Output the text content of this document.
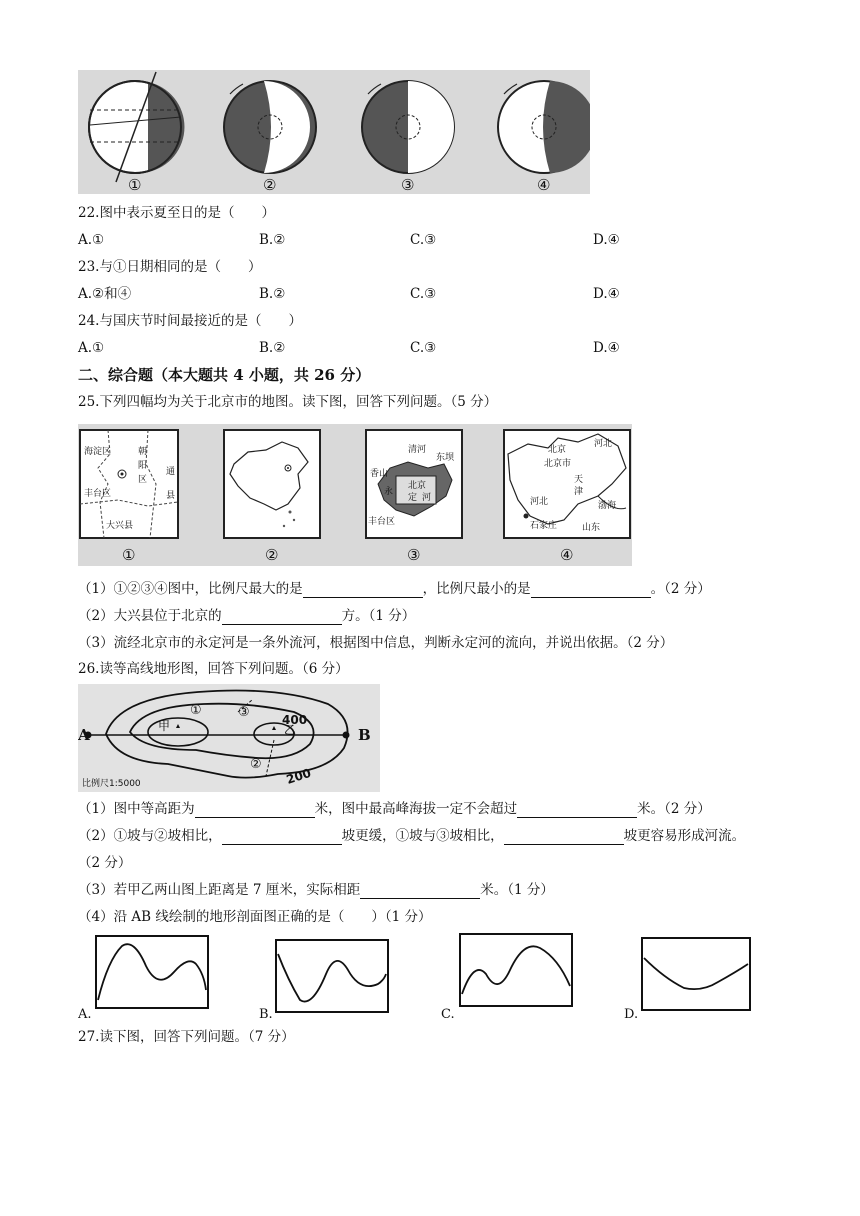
①	②	③	④
22.图中表示夏至日的是（　　）
A.①	B.②	C.③	D.④
23.与①日期相同的是（　　）
A.②和④	B.②	C.③	D.④
24.与国庆节时间最接近的是（　　）
A.①	B.②	C.③	D.④
二、综合题（本大题共 4 小题，共 26 分）
25.下列四幅均为关于北京市的地图。读下图，回答下列问题。（5 分）
海淀区	朝
阳
区
通
县
丰台区
大兴县
清河
香山
东坝
北京
永
定 河
丰台区
北京
北京市
河北
天
津
河北	渤海
石家庄	山东
①	②	③	④
（1）①②③④图中，比例尺最大的是	，比例尺最小的是	。（2 分）
（2）大兴县位于北京的	方。（1 分）
（3）流经北京市的永定河是一条外流河，根据图中信息，判断永定河的流向，并说出依据。（2 分）
26.读等高线地形图，回答下列问题。（6 分）
甲	乙
400
200
①
②
③
A	B
比例尺1:5000
（1）图中等高距为	米，图中最高峰海拔一定不会超过	米。（2 分）
（2）①坡与②坡相比，	坡更缓，①坡与③坡相比，	坡更容易形成河流。
（2 分）
（3）若甲乙两山图上距离是 7 厘米，实际相距	米。（1 分）
（4）沿 AB 线绘制的地形剖面图正确的是（　　）（1 分）
A.	B.	C.	D.
27.读下图，回答下列问题。（7 分）
